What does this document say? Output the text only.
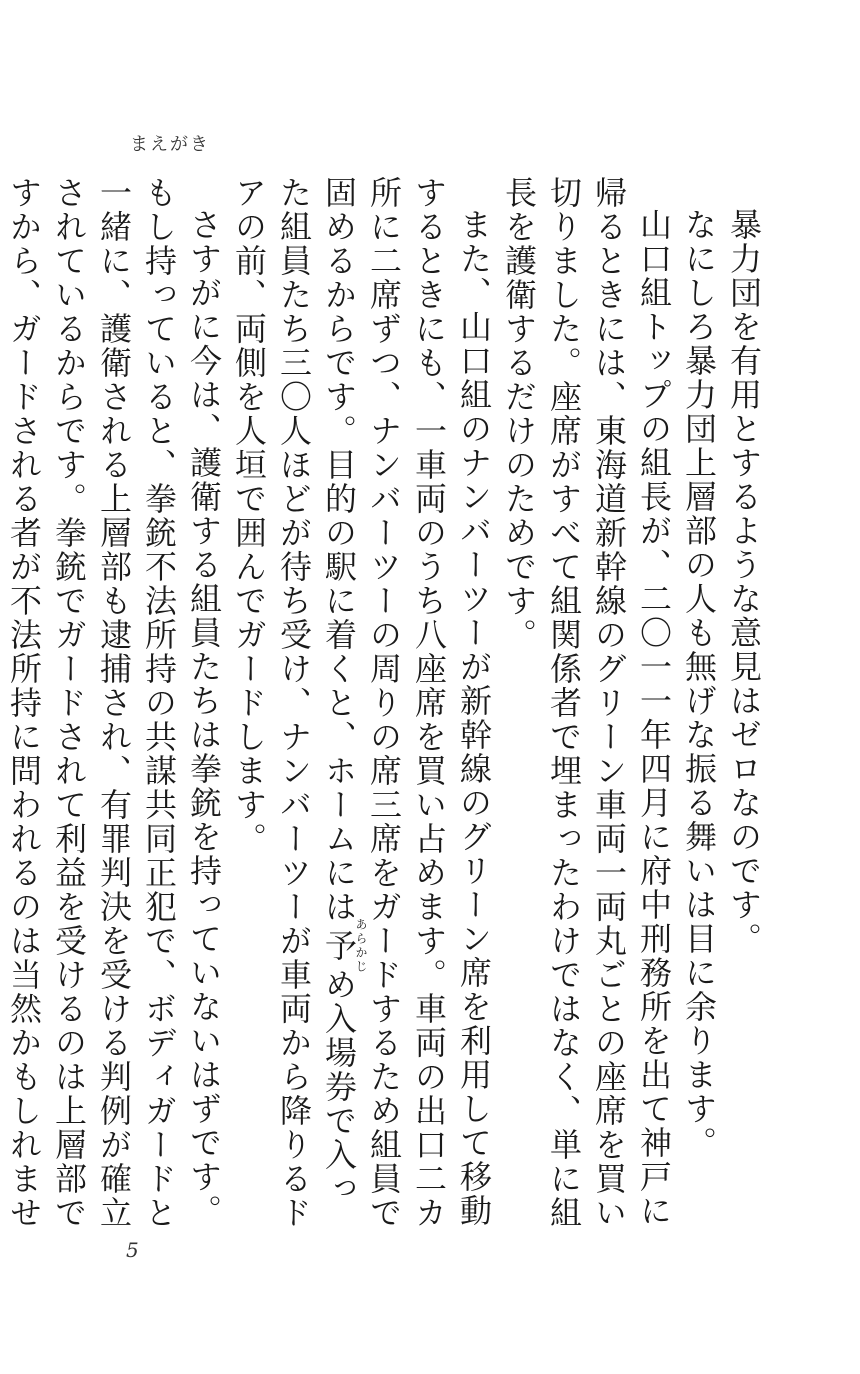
まえがき

暴力団を有用とするような意見はゼロなのです。

なにしろ暴力団上層部の人も無げな振る舞いは目に余ります。

山口組トップの組長が、二〇一一年四月に府中刑務所を出て神戸に帰るときには、東海道新幹線のグリーン車両一両丸ごとの座席を買い切りました。座席がすべて組関係者で埋まったわけではなく、単に組長を護衛するだけのためです。

また、山口組のナンバーツーが新幹線のグリーン席を利用して移動するときにも、一車両のうち八座席を買い占めます。車両の出口二カ所に二席ずつ、ナンバーツーの周りの席三席をガードするため組員で固めるからです。目的の駅に着くと、ホームには予あらかじめ入場券で入った組員たち三〇人ほどが待ち受け、ナンバーツーが車両から降りるドアの前、両側を人垣で囲んでガードします。

さすがに今は、護衛する組員たちは拳銃を持っていないはずです。もし持っていると、拳銃不法所持の共謀共同正犯で、ボディガードと一緒に、護衛される上層部も逮捕され、有罪判決を受ける判例が確立されているからです。拳銃でガードされて利益を受けるのは上層部ですから、ガードされる者が不法所持に問われるのは当然かもしれませ

5
